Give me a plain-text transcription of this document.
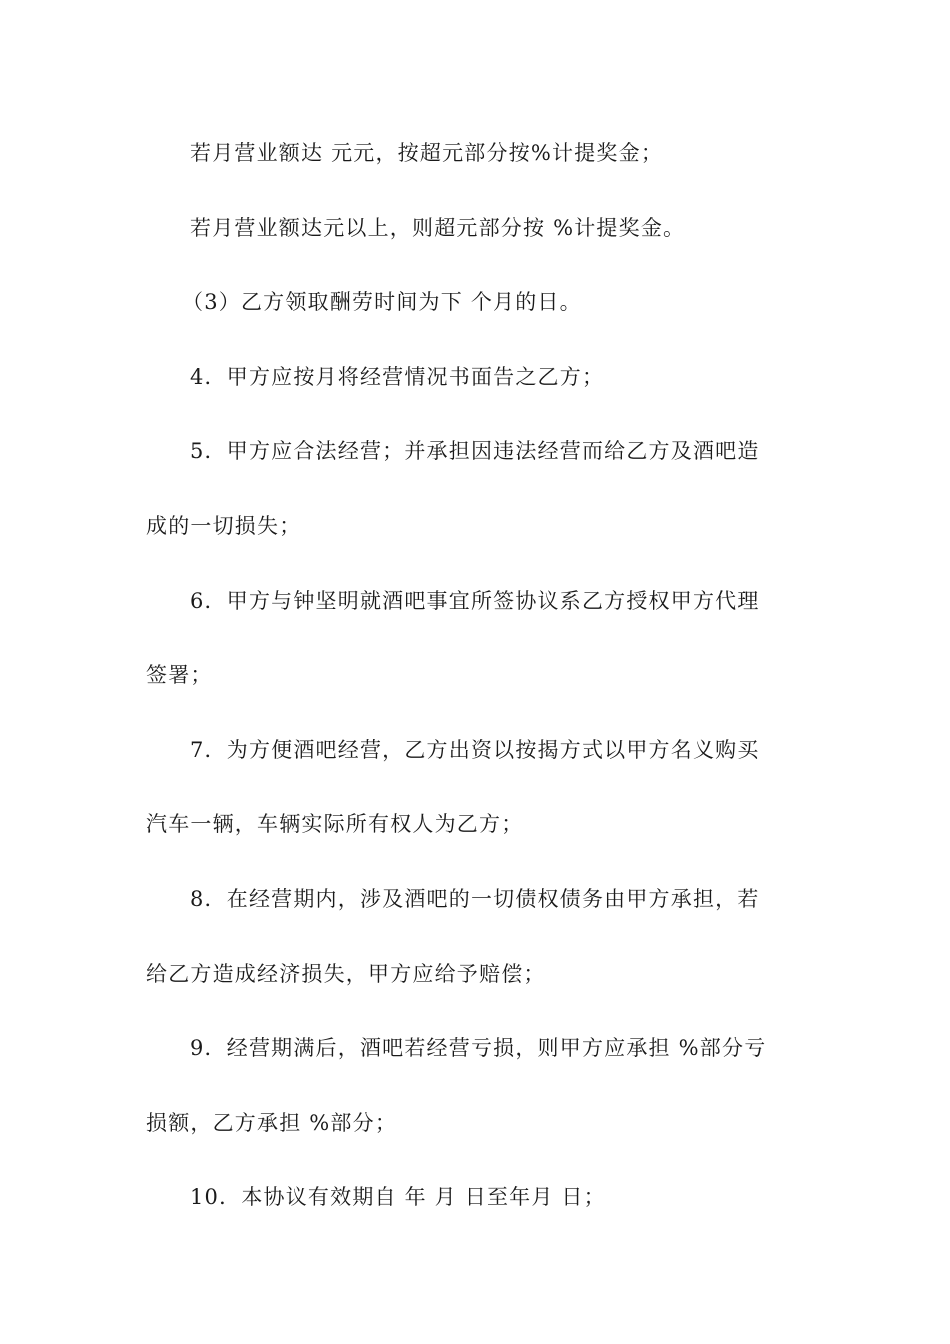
若月营业额达 元元，按超元部分按%计提奖金；
若月营业额达元以上，则超元部分按 %计提奖金。
（3）乙方领取酬劳时间为下 个月的日。
4．甲方应按月将经营情况书面告之乙方；
5．甲方应合法经营；并承担因违法经营而给乙方及酒吧造
成的一切损失；
6．甲方与钟坚明就酒吧事宜所签协议系乙方授权甲方代理
签署；
7．为方便酒吧经营，乙方出资以按揭方式以甲方名义购买
汽车一辆，车辆实际所有权人为乙方；
8．在经营期内，涉及酒吧的一切债权债务由甲方承担，若
给乙方造成经济损失，甲方应给予赔偿；
9．经营期满后，酒吧若经营亏损，则甲方应承担 %部分亏
损额，乙方承担 %部分；
10．本协议有效期自 年 月 日至年月 日；
